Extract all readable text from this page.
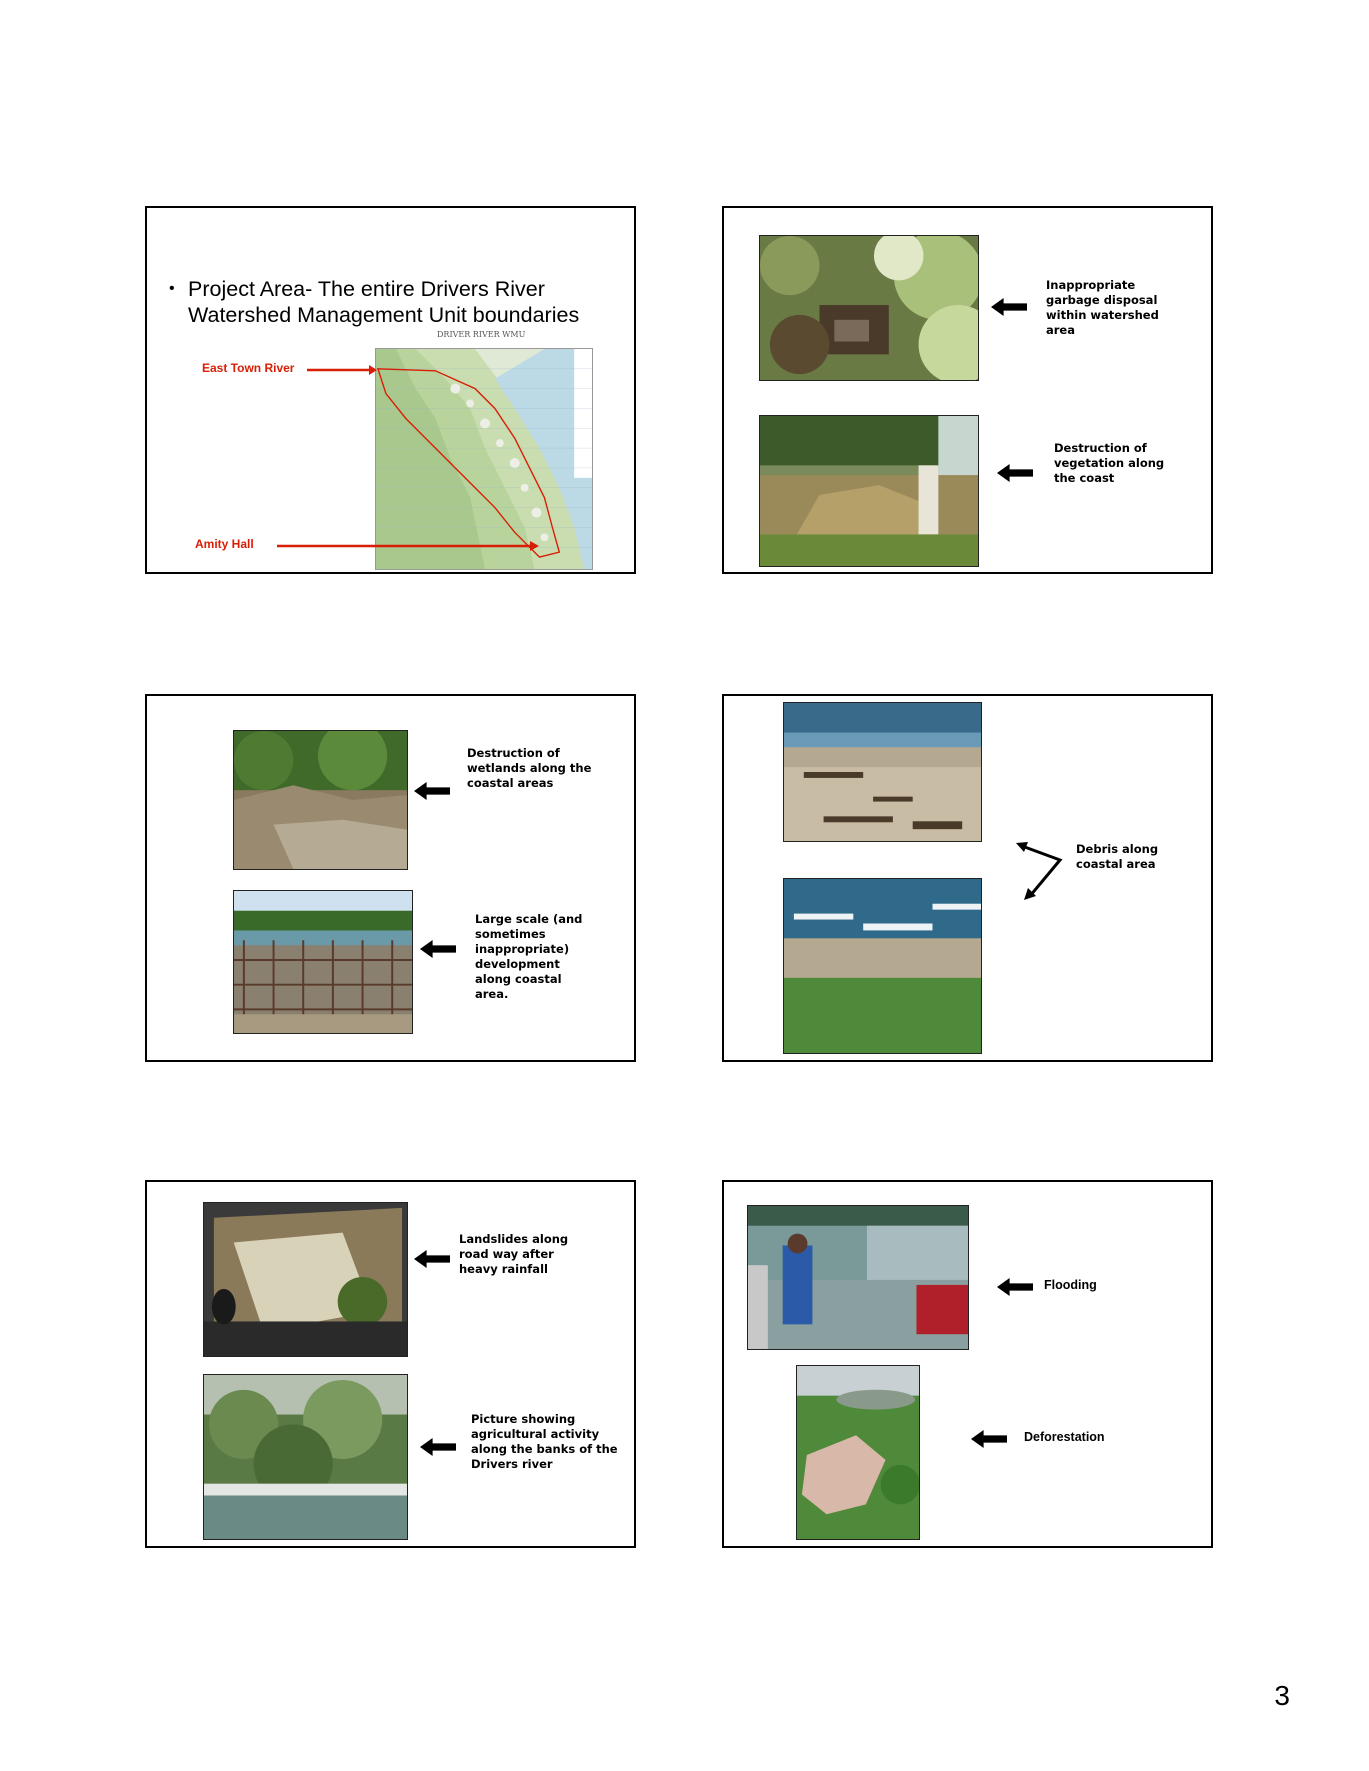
• Project Area- The entire Drivers River Watershed Management Unit boundaries
DRIVER RIVER WMU
East Town River
Amity Hall
Inappropriate garbage disposal within watershed area
Destruction of vegetation along the coast
Destruction of wetlands along the coastal areas
Large scale (and sometimes inappropriate) development along coastal area.
Debris along coastal area
Landslides along road way after heavy rainfall
Picture showing agricultural activity along the banks of the Drivers river
Flooding
Deforestation
3
